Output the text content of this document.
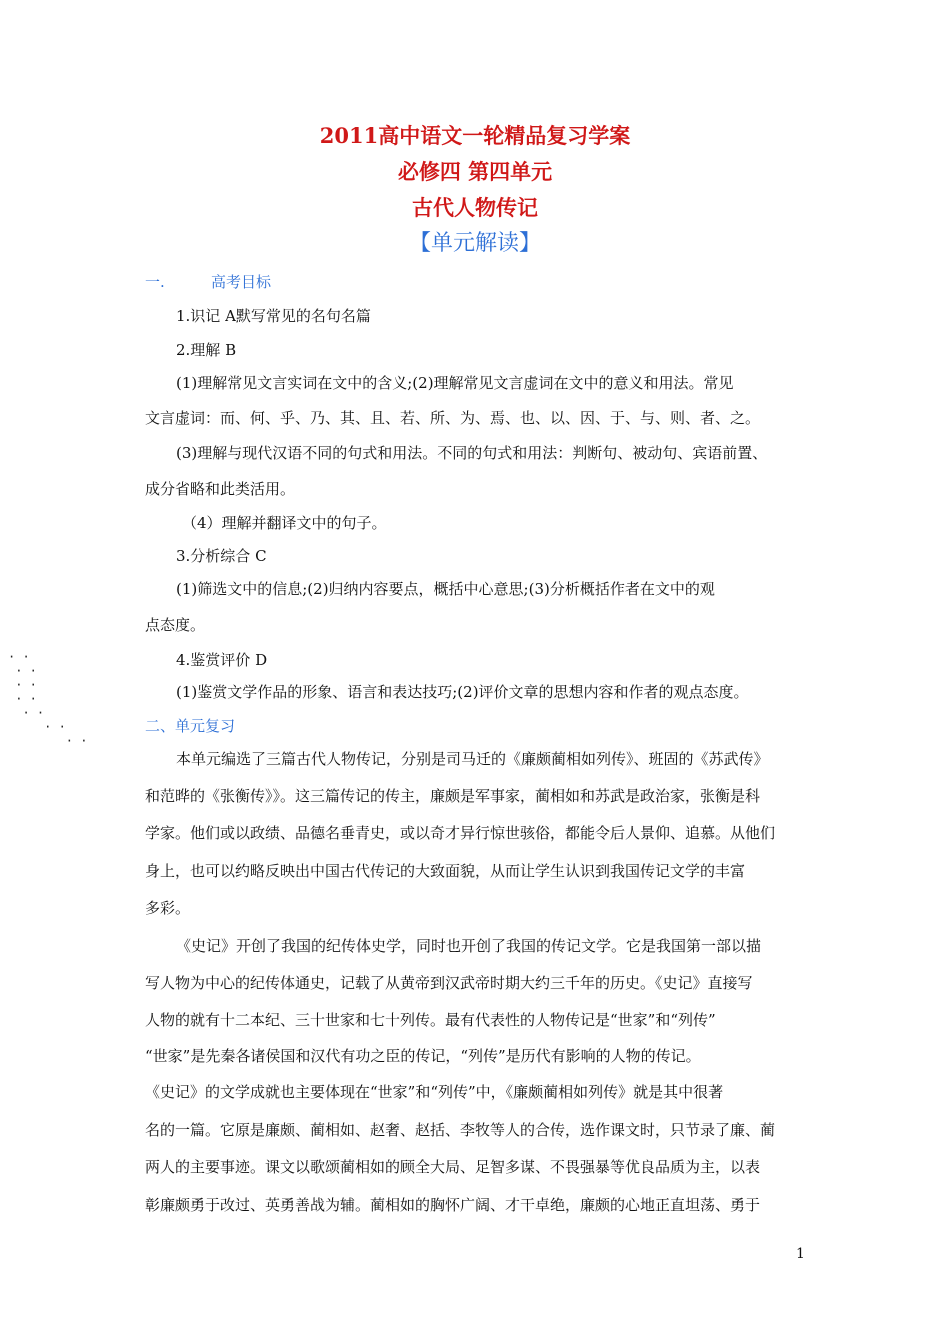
2011高中语文一轮精品复习学案
必修四 第四单元
古代人物传记
【单元解读】
一.	高考目标
1.识记 A默写常见的名句名篇
2.理解 B
(1)理解常见文言实词在文中的含义;(2)理解常见文言虚词在文中的意义和用法。常见
文言虚词：而、何、乎、乃、其、且、若、所、为、焉、也、以、因、于、与、则、者、之。
(3)理解与现代汉语不同的句式和用法。不同的句式和用法：判断句、被动句、宾语前置、
成分省略和此类活用。
（4）理解并翻译文中的句子。
3.分析综合 C
(1)筛选文中的信息;(2)归纳内容要点，概括中心意思;(3)分析概括作者在文中的观
点态度。
4.鉴赏评价 D
(1)鉴赏文学作品的形象、语言和表达技巧;(2)评价文章的思想内容和作者的观点态度。
二、单元复习
本单元编选了三篇古代人物传记，分别是司马迁的《廉颇蔺相如列传》、班固的《苏武传》
和范晔的《张衡传》》。这三篇传记的传主，廉颇是军事家，蔺相如和苏武是政治家，张衡是科
学家。他们或以政绩、品德名垂青史，或以奇才异行惊世骇俗，都能令后人景仰、追慕。从他们
身上，也可以约略反映出中国古代传记的大致面貌，从而让学生认识到我国传记文学的丰富
多彩。
《史记》开创了我国的纪传体史学，同时也开创了我国的传记文学。它是我国第一部以描
写人物为中心的纪传体通史，记载了从黄帝到汉武帝时期大约三千年的历史。《史记》直接写
人物的就有十二本纪、三十世家和七十列传。最有代表性的人物传记是“世家”和“列传”
“世家”是先秦各诸侯国和汉代有功之臣的传记，“列传”是历代有影响的人物的传记。
《史记》的文学成就也主要体现在“世家”和“列传”中，《廉颇蔺相如列传》就是其中很著
名的一篇。它原是廉颇、蔺相如、赵奢、赵括、李牧等人的合传，选作课文时，只节录了廉、蔺
两人的主要事迹。课文以歌颂蔺相如的顾全大局、足智多谋、不畏强暴等优良品质为主，以表
彰廉颇勇于改过、英勇善战为辅。蔺相如的胸怀广阔、才干卓绝，廉颇的心地正直坦荡、勇于
· ·
· ·
· ·
· ·
· ·
· ·
· ·
1
